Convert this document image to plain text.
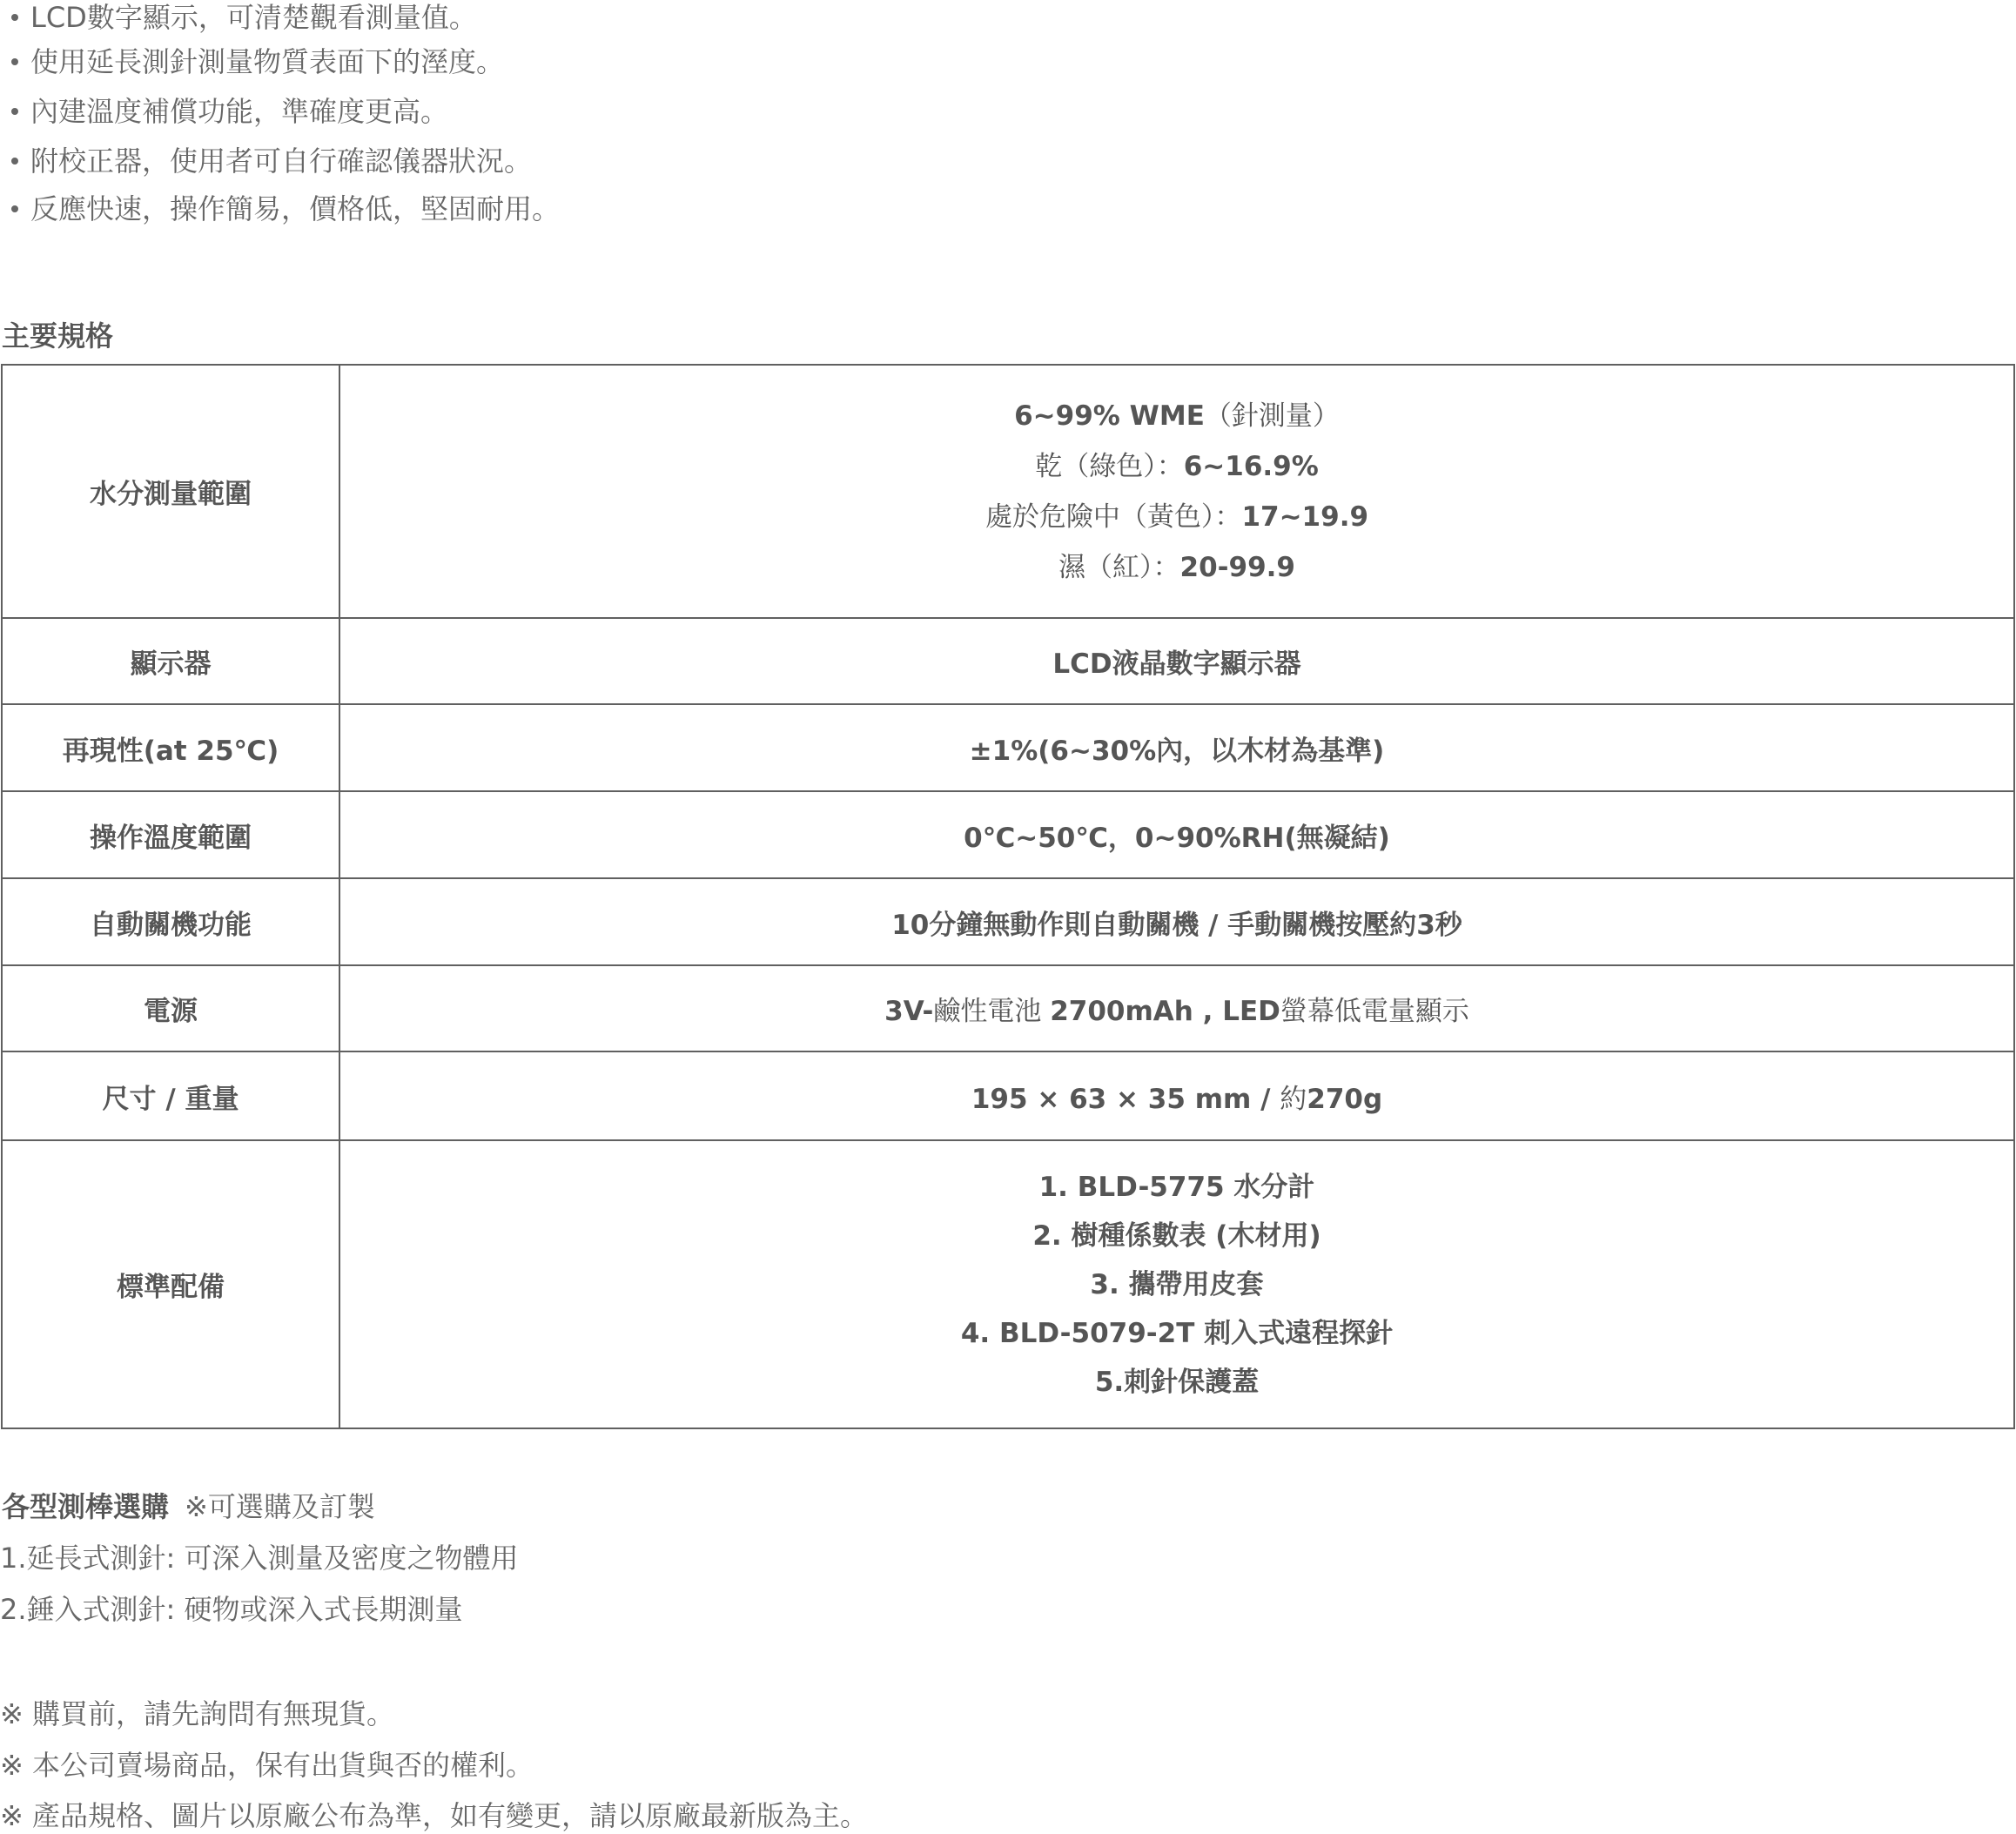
LCD數字顯示，可清楚觀看測量值。
使用延長測針測量物質表面下的溼度。
內建溫度補償功能，準確度更高。
附校正器，使用者可自行確認儀器狀況。
反應快速，操作簡易，價格低，堅固耐用。
主要規格
水分測量範圍	6~99% WME（針測量）
乾（綠色）：6~16.9%
處於危險中（黃色）：17~19.9
濕（紅）：20-99.9

顯示器	LCD液晶數字顯示器
再現性(at 25℃)	±1%(6~30%內，以木材為基準)
操作溫度範圍	0℃~50℃，0~90%RH(無凝結)
自動關機功能	10分鐘無動作則自動關機 / 手動關機按壓約3秒
電源	3V-鹼性電池 2700mAh , LED螢幕低電量顯示
尺寸 / 重量	195 × 63 × 35 mm / 約270g
標準配備	1. BLD-5775 水分計
2. 樹種係數表 (木材用)
3. 攜帶用皮套
4. BLD-5079-2T 刺入式遠程探針
5.刺針保護蓋
各型測棒選購 ※可選購及訂製
1.延長式測針: 可深入測量及密度之物體用
2.錘入式測針: 硬物或深入式長期測量
※ 購買前，請先詢問有無現貨。
※ 本公司賣場商品，保有出貨與否的權利。
※ 產品規格、圖片以原廠公布為準，如有變更，請以原廠最新版為主。
